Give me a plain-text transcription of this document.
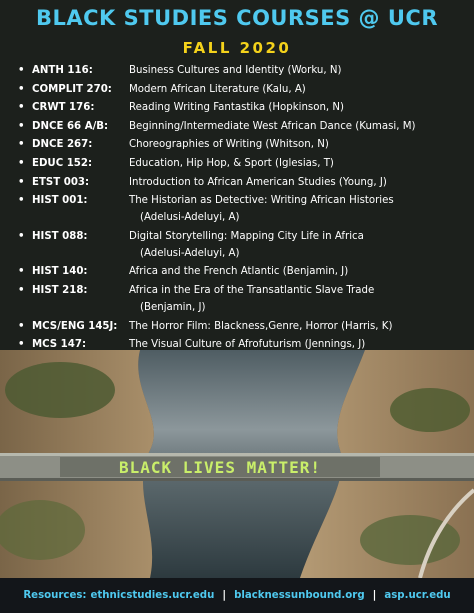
BLACK STUDIES COURSES @ UCR
FALL 2020
• ANTH 116:	Business Cultures and Identity (Worku, N)
• COMPLIT 270: Modern African Literature (Kalu, A)
• CRWT 176:	Reading Writing Fantastika (Hopkinson, N)
• DNCE 66 A/B: Beginning/Intermediate West African Dance (Kumasi, M)
• DNCE 267:	Choreographies of Writing (Whitson, N)
• EDUC 152:	Education, Hip Hop, & Sport (Iglesias, T)
• ETST 003:	Introduction to African American Studies (Young, J)
• HIST 001:	The Historian as Detective: Writing African Histories
(Adelusi-Adeluyi, A)
• HIST 088:	Digital Storytelling: Mapping City Life in Africa
(Adelusi-Adeluyi, A)
• HIST 140:	Africa and the French Atlantic (Benjamin, J)
• HIST 218:	Africa in the Era of the Transatlantic Slave Trade
(Benjamin, J)
• MCS/ENG 145J: The Horror Film: Blackness,Genre, Horror (Harris, K)
• MCS 147:	The Visual Culture of Afrofuturism (Jennings, J)
BLACK LIVES MATTER!
Resources: ethnicstudies.ucr.edu | blacknessunbound.org | asp.ucr.edu
